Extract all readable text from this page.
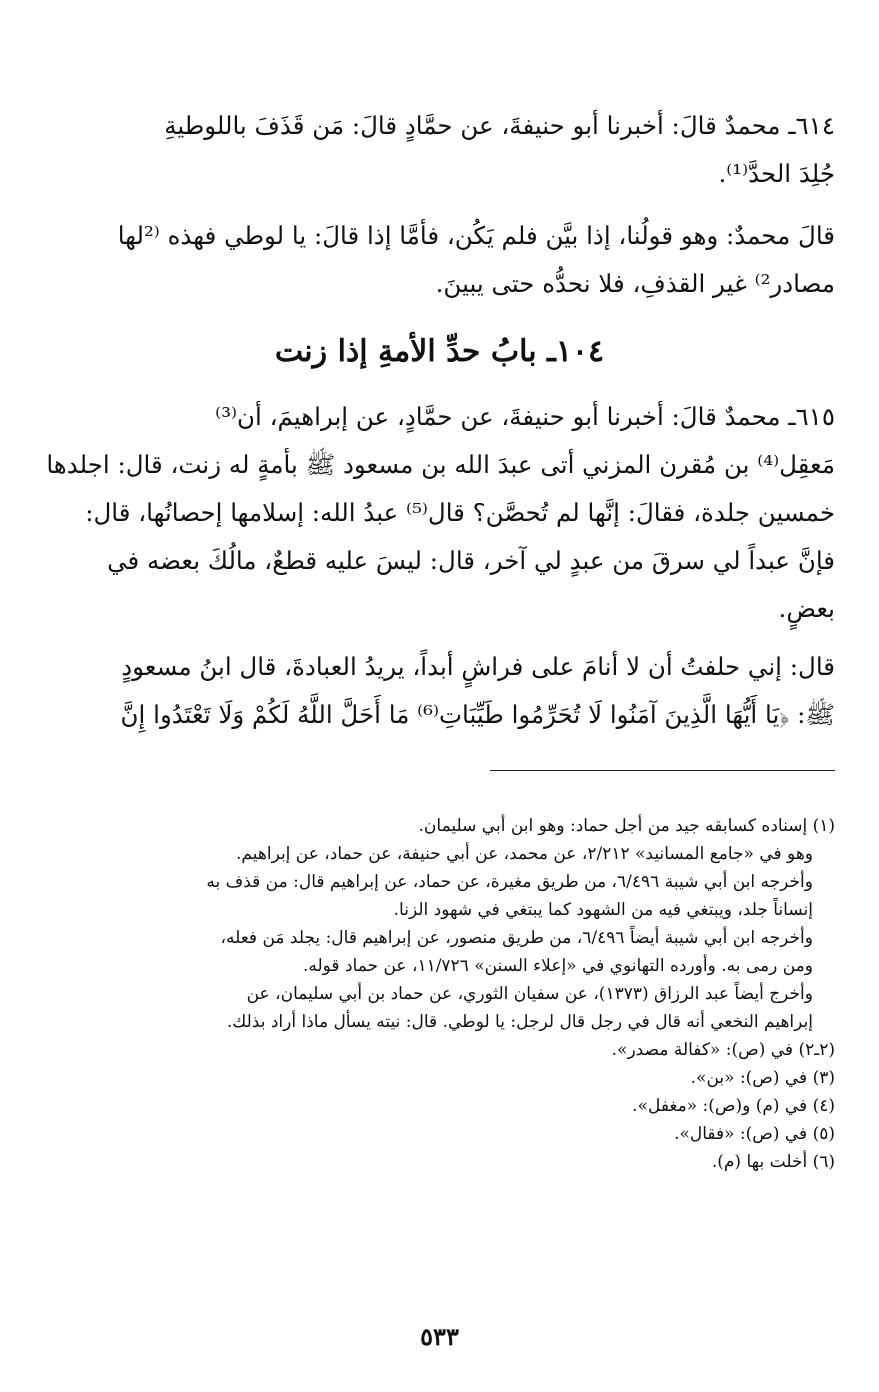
٦١٤ـ محمدٌ قالَ: أخبرنا أبو حنيفةَ، عن حمَّادٍ قالَ: مَن قَذَفَ باللوطيةِ
جُلِدَ الحدَّ⁽¹⁾.
قالَ محمدٌ: وهو قولُنا، إذا بيَّن فلم يَكُن، فأمَّا إذا قالَ: يا لوطي فهذه ⁽²لها
مصادر²⁾ غير القذفِ، فلا نحدُّه حتى يبينَ.
١٠٤ـ بابُ حدِّ الأمةِ إذا زنت
٦١٥ـ محمدٌ قالَ: أخبرنا أبو حنيفةَ، عن حمَّادٍ، عن إبراهيمَ، أن⁽³⁾
مَعقِل⁽⁴⁾ بن مُقرن المزني أتى عبدَ الله بن مسعود ﷺ بأمةٍ له زنت، قال: اجلدها
خمسين جلدة، فقالَ: إنَّها لم تُحصَّن؟ قال⁽⁵⁾ عبدُ الله: إسلامها إحصانُها، قال:
فإنَّ عبداً لي سرقَ من عبدٍ لي آخر، قال: ليسَ عليه قطعٌ، مالُكَ بعضه في
بعضٍ.
قال: إني حلفتُ أن لا أنامَ على فراشٍ أبداً، يريدُ العبادةَ، قال ابنُ مسعودٍ
ﷺ: ﴿يَا أَيُّهَا الَّذِينَ آمَنُوا لَا تُحَرِّمُوا طَيِّبَاتِ⁽⁶⁾ مَا أَحَلَّ اللَّهُ لَكُمْ وَلَا تَعْتَدُوا إِنَّ
(١) إسناده كسابقه جيد من أجل حماد: وهو ابن أبي سليمان.
وهو في «جامع المسانيد» ٢/٢١٢، عن محمد، عن أبي حنيفة، عن حماد، عن إبراهيم.
وأخرجه ابن أبي شيبة ٦/٤٩٦، من طريق مغيرة، عن حماد، عن إبراهيم قال: من قذف به
إنساناً جلد، ويبتغي فيه من الشهود كما يبتغي في شهود الزنا.
وأخرجه ابن أبي شيبة أيضاً ٦/٤٩٦، من طريق منصور، عن إبراهيم قال: يجلد مَن فعله،
ومن رمى به. وأورده التهانوي في «إعلاء السنن» ١١/٧٢٦، عن حماد قوله.
وأخرج أيضاً عبد الرزاق (١٣٧٣)، عن سفيان الثوري، عن حماد بن أبي سليمان، عن
إبراهيم النخعي أنه قال في رجل قال لرجل: يا لوطي. قال: نيته يسأل ماذا أراد بذلك.
(٢ـ٢) في (ص): «كفالة مصدر».
(٣) في (ص): «بن».
(٤) في (م) و(ص): «مغفل».
(٥) في (ص): «فقال».
(٦) أخلت بها (م).
٥٣٣
